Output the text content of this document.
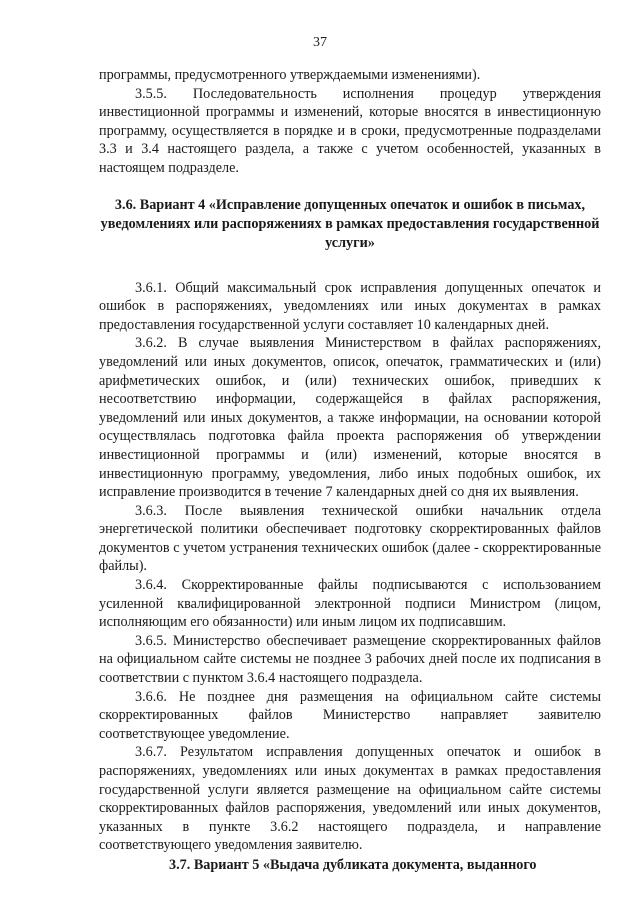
37

программы, предусмотренного утверждаемыми изменениями).

3.5.5. Последовательность исполнения процедур утверждения инвестиционной программы и изменений, которые вносятся в инвестиционную программу, осуществляется в порядке и в сроки, предусмотренные подразделами 3.3 и 3.4 настоящего раздела, а также с учетом особенностей, указанных в настоящем подразделе.

3.6. Вариант 4 «Исправление допущенных опечаток и ошибок в письмах, уведомлениях или распоряжениях в рамках предоставления государственной услуги»

3.6.1. Общий максимальный срок исправления допущенных опечаток и ошибок в распоряжениях, уведомлениях или иных документах в рамках предоставления государственной услуги составляет 10 календарных дней.

3.6.2. В случае выявления Министерством в файлах распоряжениях, уведомлений или иных документов, описок, опечаток, грамматических и (или) арифметических ошибок, и (или) технических ошибок, приведших к несоответствию информации, содержащейся в файлах распоряжения, уведомлений или иных документов, а также информации, на основании которой осуществлялась подготовка файла проекта распоряжения об утверждении инвестиционной программы и (или) изменений, которые вносятся в инвестиционную программу, уведомления, либо иных подобных ошибок, их исправление производится в течение 7 календарных дней со дня их выявления.

3.6.3. После выявления технической ошибки начальник отдела энергетической политики обеспечивает подготовку скорректированных файлов документов с учетом устранения технических ошибок (далее - скорректированные файлы).

3.6.4. Скорректированные файлы подписываются с использованием усиленной квалифицированной электронной подписи Министром (лицом, исполняющим его обязанности) или иным лицом их подписавшим.

3.6.5. Министерство обеспечивает размещение скорректированных файлов на официальном сайте системы не позднее 3 рабочих дней после их подписания в соответствии с пунктом 3.6.4 настоящего подраздела.

3.6.6. Не позднее дня размещения на официальном сайте системы скорректированных файлов Министерство направляет заявителю соответствующее уведомление.

3.6.7. Результатом исправления допущенных опечаток и ошибок в распоряжениях, уведомлениях или иных документах в рамках предоставления государственной услуги является размещение на официальном сайте системы скорректированных файлов распоряжения, уведомлений или иных документов, указанных в пункте 3.6.2 настоящего подраздела, и направление соответствующего уведомления заявителю.

3.7. Вариант 5 «Выдача дубликата документа, выданного
